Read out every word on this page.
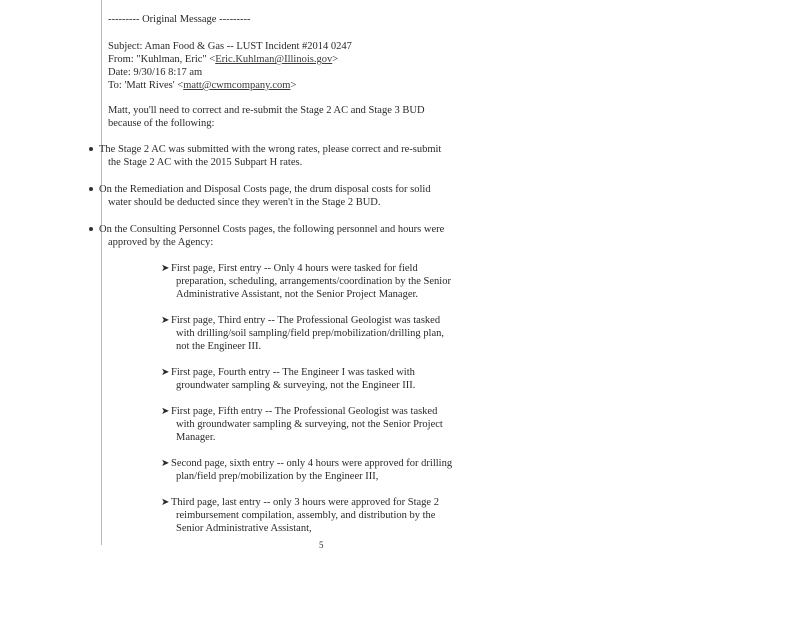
--------- Original Message ---------
Subject: Aman Food & Gas -- LUST Incident #2014 0247
From: "Kuhlman, Eric" <Eric.Kuhlman@Illinois.gov>
Date: 9/30/16 8:17 am
To: 'Matt Rives' <matt@cwmcompany.com>
Matt, you'll need to correct and re-submit the Stage 2 AC and Stage 3 BUD
because of the following:
The Stage 2 AC was submitted with the wrong rates, please correct and re-submit
the Stage 2 AC with the 2015 Subpart H rates.
On the Remediation and Disposal Costs page, the drum disposal costs for solid
water should be deducted since they weren't in the Stage 2 BUD.
On the Consulting Personnel Costs pages, the following personnel and hours were
approved by the Agency:
➤ First page, First entry -- Only 4 hours were tasked for field
preparation, scheduling, arrangements/coordination by the Senior
Administrative Assistant, not the Senior Project Manager.
➤ First page, Third entry -- The Professional Geologist was tasked
with drilling/soil sampling/field prep/mobilization/drilling plan,
not the Engineer III.
➤ First page, Fourth entry -- The Engineer I was tasked with
groundwater sampling & surveying, not the Engineer III.
➤ First page, Fifth entry -- The Professional Geologist was tasked
with groundwater sampling & surveying, not the Senior Project
Manager.
➤ Second page, sixth entry -- only 4 hours were approved for drilling
plan/field prep/mobilization by the Engineer III,
➤ Third page, last entry -- only 3 hours were approved for Stage 2
reimbursement compilation, assembly, and distribution by the
Senior Administrative Assistant,
5
